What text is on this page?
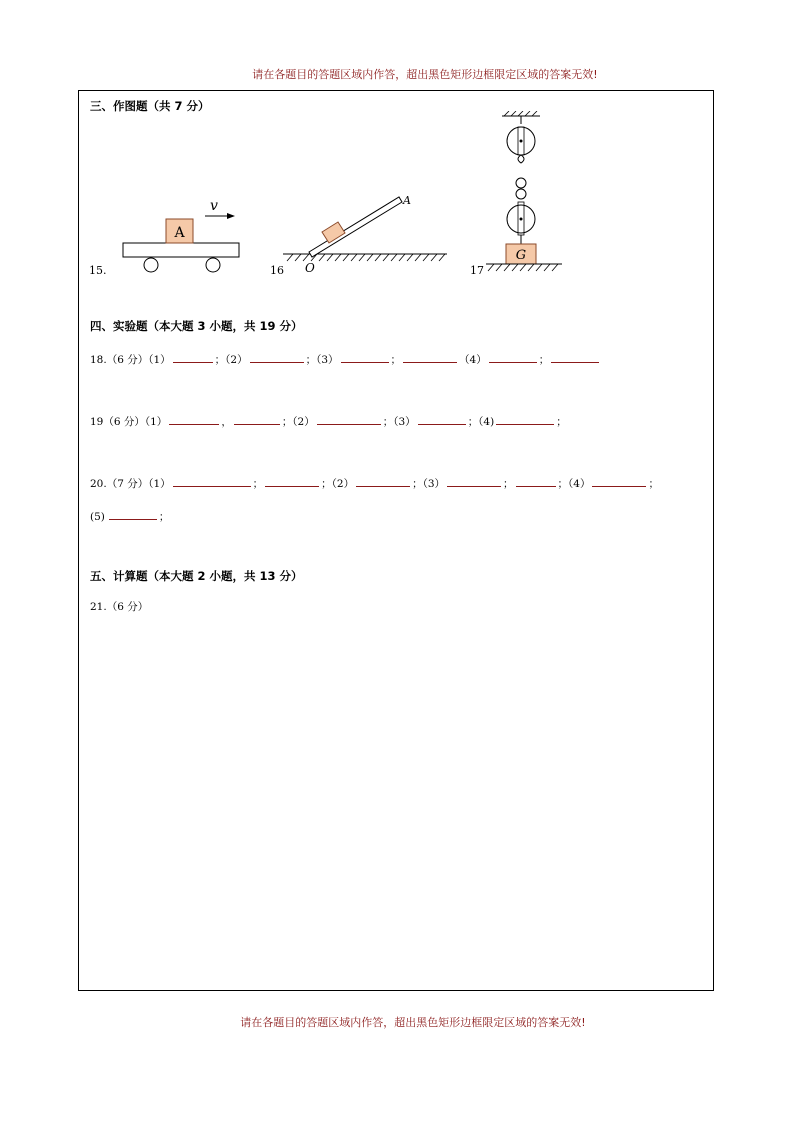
请在各题目的答题区域内作答，超出黑色矩形边框限定区域的答案无效!
三、作图题（共 7 分）
15.
A
v
16 O
A
17
G
四、实验题（本大题 3 小题，共 19 分）
18.（6 分）（1）	；（2）	；（3）	；	（4）	；
19（6 分）（1）	，	；（2）	；（3）	；（4)	；
20.（7 分）（1）	；	；（2）	；（3）	；	；（4）	；
(5)	；
五、计算题（本大题 2 小题，共 13 分）
21.（6 分）
请在各题目的答题区域内作答，超出黑色矩形边框限定区域的答案无效!
